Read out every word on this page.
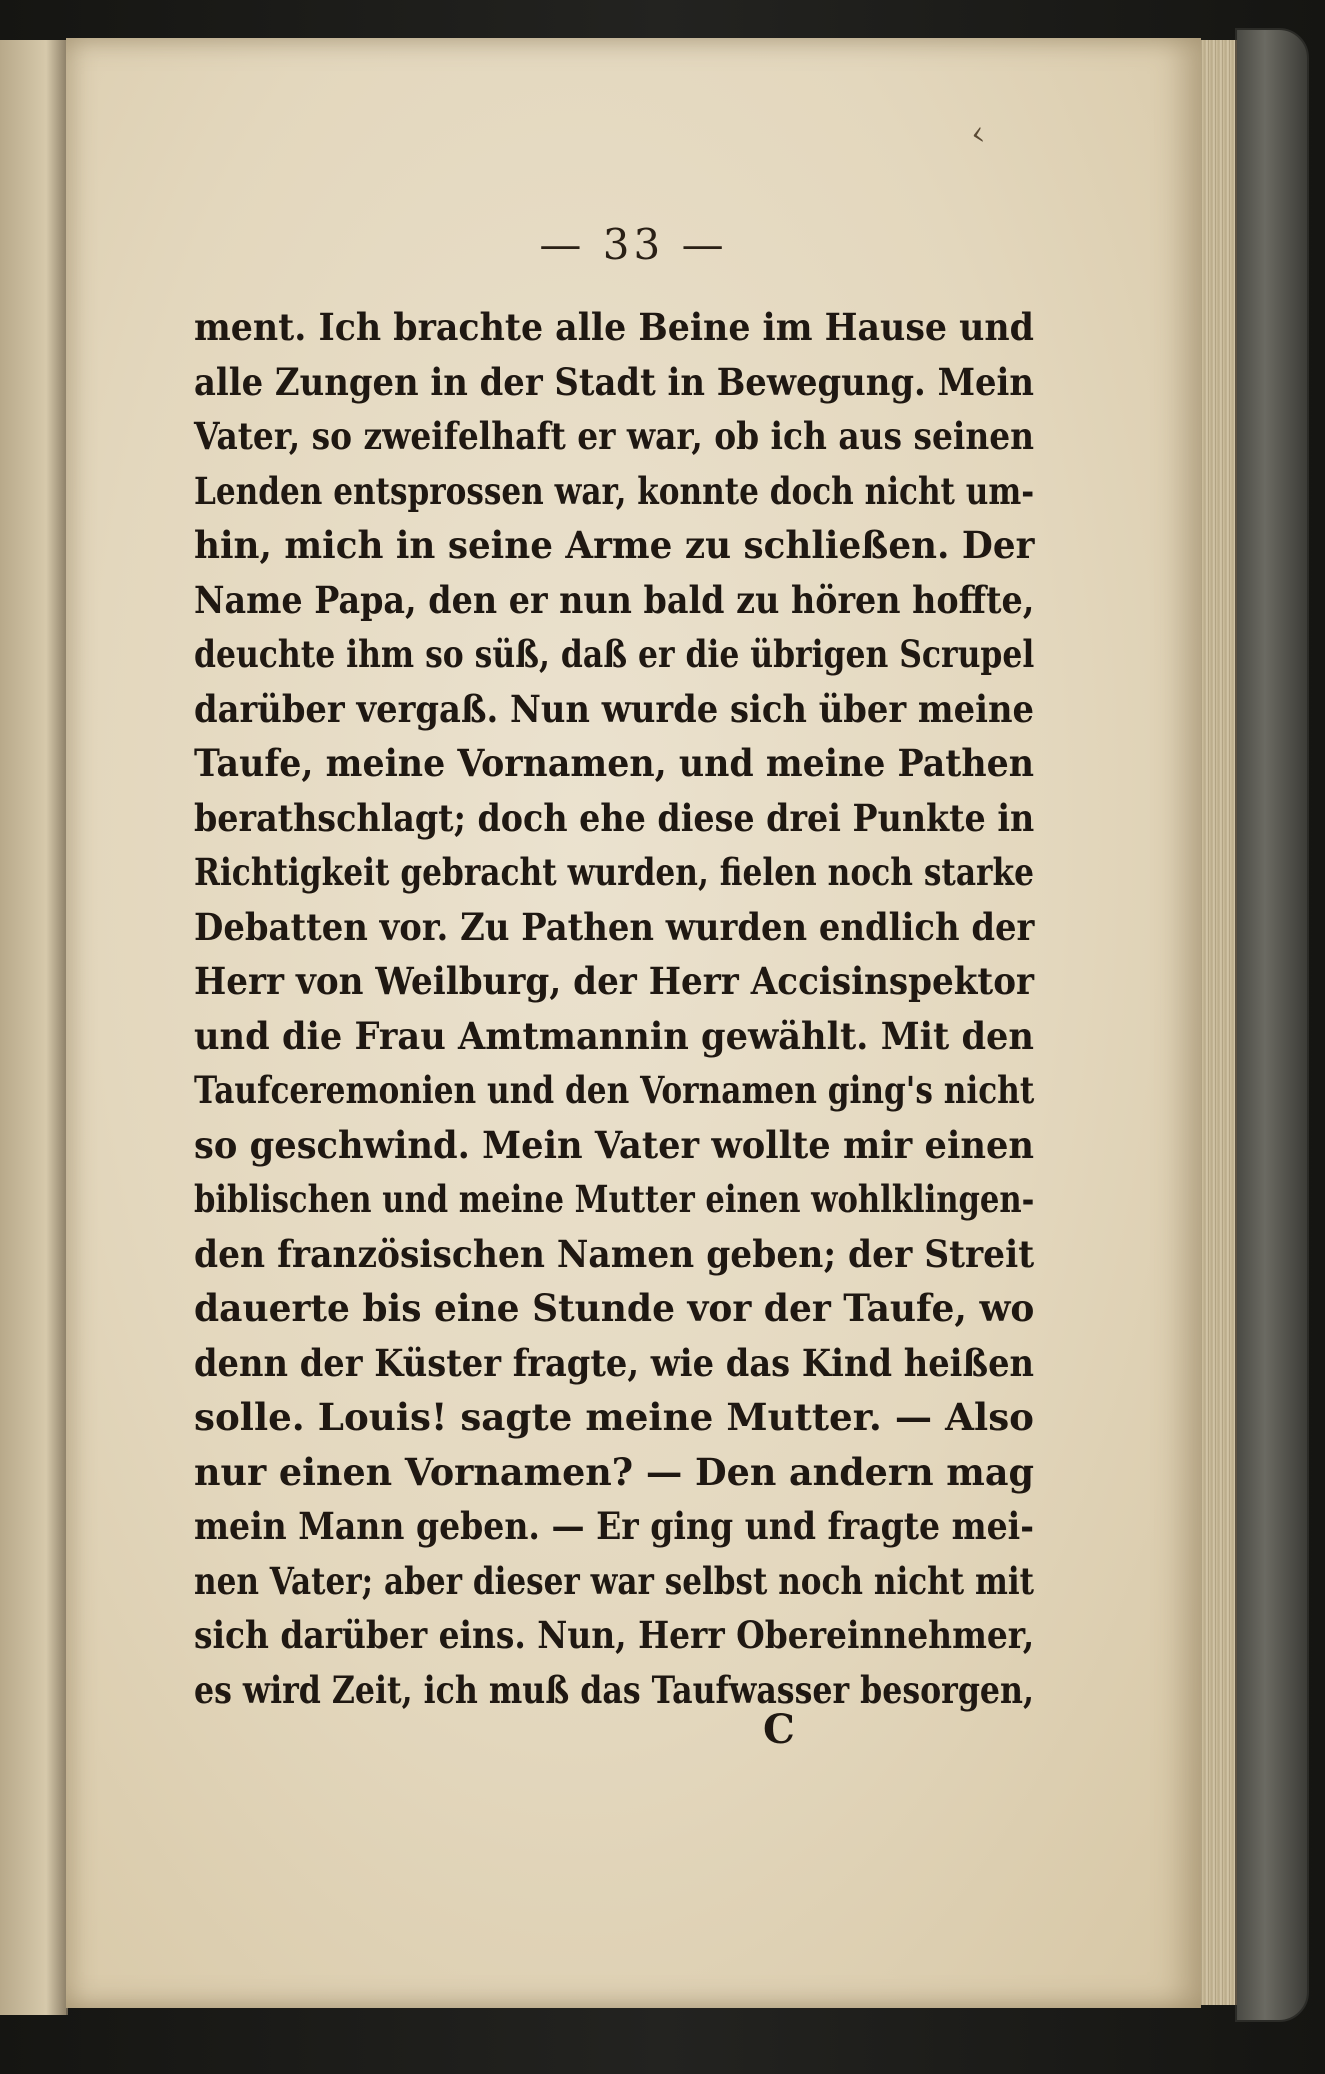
‹
— 33 —
ment. Ich brachte alle Beine im Hause und
alle Zungen in der Stadt in Bewegung. Mein
Vater, so zweifelhaft er war, ob ich aus seinen
Lenden entsprossen war, konnte doch nicht um-
hin, mich in seine Arme zu schließen. Der
Name Papa, den er nun bald zu hören hoffte,
deuchte ihm so süß, daß er die übrigen Scrupel
darüber vergaß. Nun wurde sich über meine
Taufe, meine Vornamen, und meine Pathen
berathschlagt; doch ehe diese drei Punkte in
Richtigkeit gebracht wurden, fielen noch starke
Debatten vor. Zu Pathen wurden endlich der
Herr von Weilburg, der Herr Accisinspektor
und die Frau Amtmannin gewählt. Mit den
Taufceremonien und den Vornamen ging's nicht
so geschwind. Mein Vater wollte mir einen
biblischen und meine Mutter einen wohlklingen-
den französischen Namen geben; der Streit
dauerte bis eine Stunde vor der Taufe, wo
denn der Küster fragte, wie das Kind heißen
solle. Louis! sagte meine Mutter. — Also
nur einen Vornamen? — Den andern mag
mein Mann geben. — Er ging und fragte mei-
nen Vater; aber dieser war selbst noch nicht mit
sich darüber eins. Nun, Herr Obereinnehmer,
es wird Zeit, ich muß das Taufwasser besorgen,
C
